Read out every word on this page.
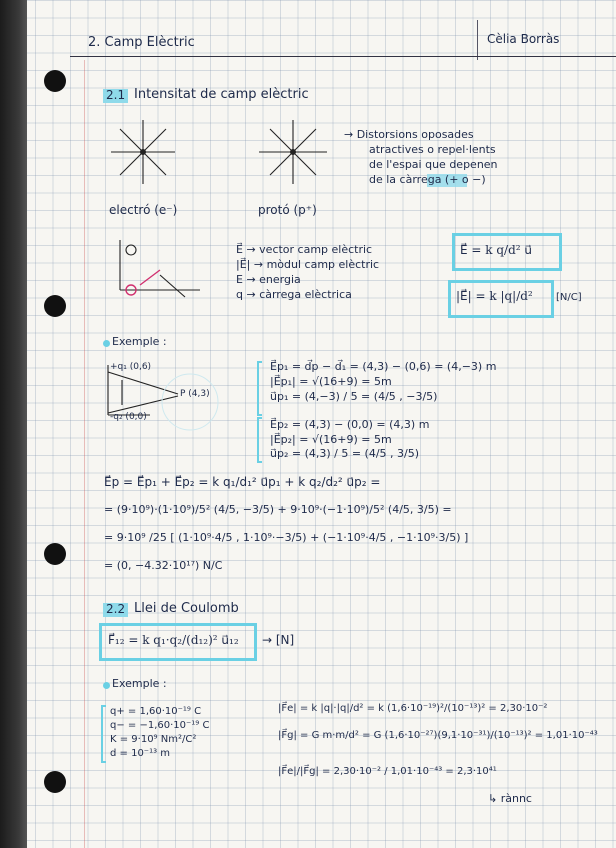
2. Camp Elèctric	Cèlia Borràs
2.1 Intensitat de camp elèctric
electró (e⁻)	protó (p⁺)
→ Distorsions oposades
atractives o repel·lents
de l'espai que depenen
de la càrrega (+ o −)
E⃗ → vector camp elèctric
|E⃗| → mòdul camp elèctric
E → energia
q → càrrega elèctrica
E⃗ = k q/d² u⃗
|E⃗| = k |q|/d² [N/C]
Exemple :
+q₁ (0,6)
P (4,3)
-q₂ (0,0)
E⃗p₁ = d⃗p − d⃗₁ = (4,3) − (0,6) = (4,−3) m
|E⃗p₁| = √(16+9) = 5m
u⃗p₁ = (4,−3) / 5 = (4/5 , −3/5)
E⃗p₂ = (4,3) − (0,0) = (4,3) m
|E⃗p₂| = √(16+9) = 5m
u⃗p₂ = (4,3) / 5 = (4/5 , 3/5)
E⃗p = E⃗p₁ + E⃗p₂ = k q₁/d₁² u⃗p₁ + k q₂/d₂² u⃗p₂ =
= (9·10⁹)·(1·10⁹)/5² (4/5, −3/5) + 9·10⁹·(−1·10⁹)/5² (4/5, 3/5) =
= 9·10⁹ /25 [ (1·10⁹·4/5 , 1·10⁹·−3/5) + (−1·10⁹·4/5 , −1·10⁹·3/5) ]
= (0, −4.32·10¹⁷) N/C
2.2 Llei de Coulomb
F⃗₁₂ = k q₁·q₂/(d₁₂)² u⃗₁₂ → [N]
Exemple :
q+ = 1,60·10⁻¹⁹ C
q− = −1,60·10⁻¹⁹ C
K = 9·10⁹ Nm²/C²
d = 10⁻¹³ m
|F⃗e| = k |q|·|q|/d² = k (1,6·10⁻¹⁹)²/(10⁻¹³)² = 2,30·10⁻²
|F⃗g| = G m·m/d² = G (1,6·10⁻²⁷)(9,1·10⁻³¹)/(10⁻¹³)² = 1,01·10⁻⁴³
|F⃗e|/|F⃗g| = 2,30·10⁻² / 1,01·10⁻⁴³ = 2,3·10⁴¹
↳ rànnc
